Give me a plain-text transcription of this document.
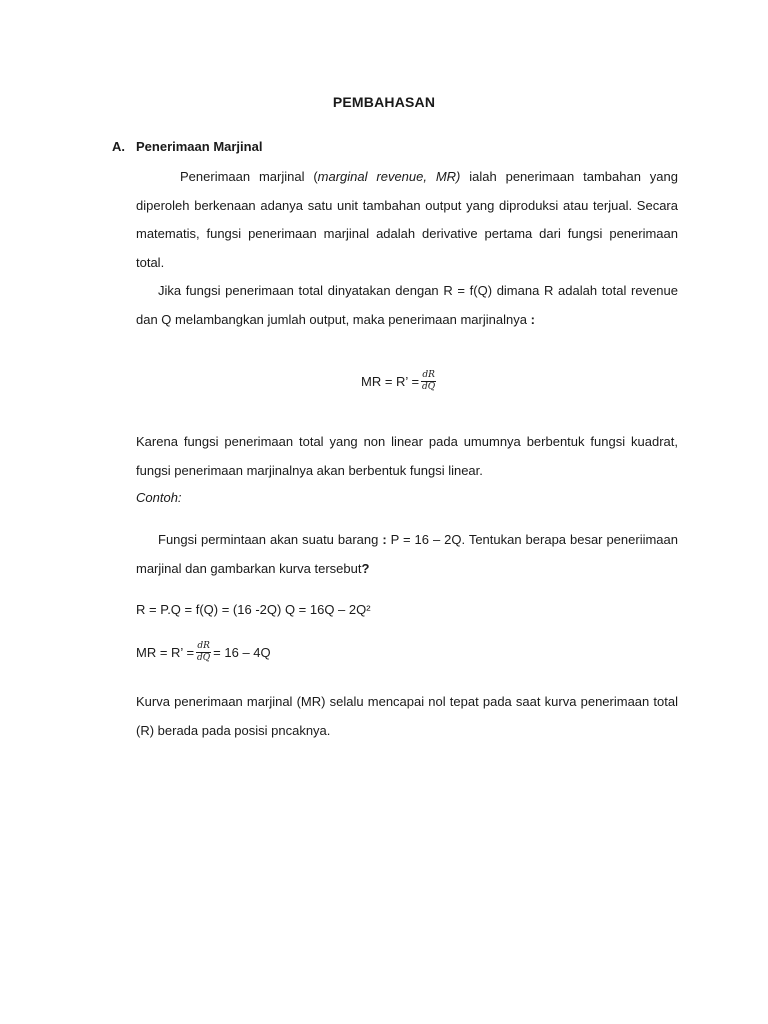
PEMBAHASAN
A. Penerimaan Marjinal
Penerimaan marjinal (marginal revenue, MR) ialah penerimaan tambahan yang diperoleh berkenaan adanya satu unit tambahan output yang diproduksi atau terjual. Secara matematis, fungsi penerimaan marjinal adalah derivative pertama dari fungsi penerimaan total.
Jika fungsi penerimaan total dinyatakan dengan R = f(Q) dimana R adalah total revenue dan Q melambangkan jumlah output, maka penerimaan marjinalnya :
MR = R’ = $\frac{dR}{dQ}$
Karena fungsi penerimaan total yang non linear pada umumnya berbentuk fungsi kuadrat, fungsi penerimaan marjinalnya akan berbentuk fungsi linear.
Contoh:
Fungsi permintaan akan suatu barang : P = 16 – 2Q. Tentukan berapa besar peneriimaan marjinal dan gambarkan kurva tersebut?
R = P.Q = f(Q) = (16 -2Q) Q = 16Q – 2Q²
MR = R’ = $\frac{dR}{dQ} = 16 - 4Q$
Kurva penerimaan marjinal (MR) selalu mencapai nol tepat pada saat kurva penerimaan total (R) berada pada posisi pncaknya.
